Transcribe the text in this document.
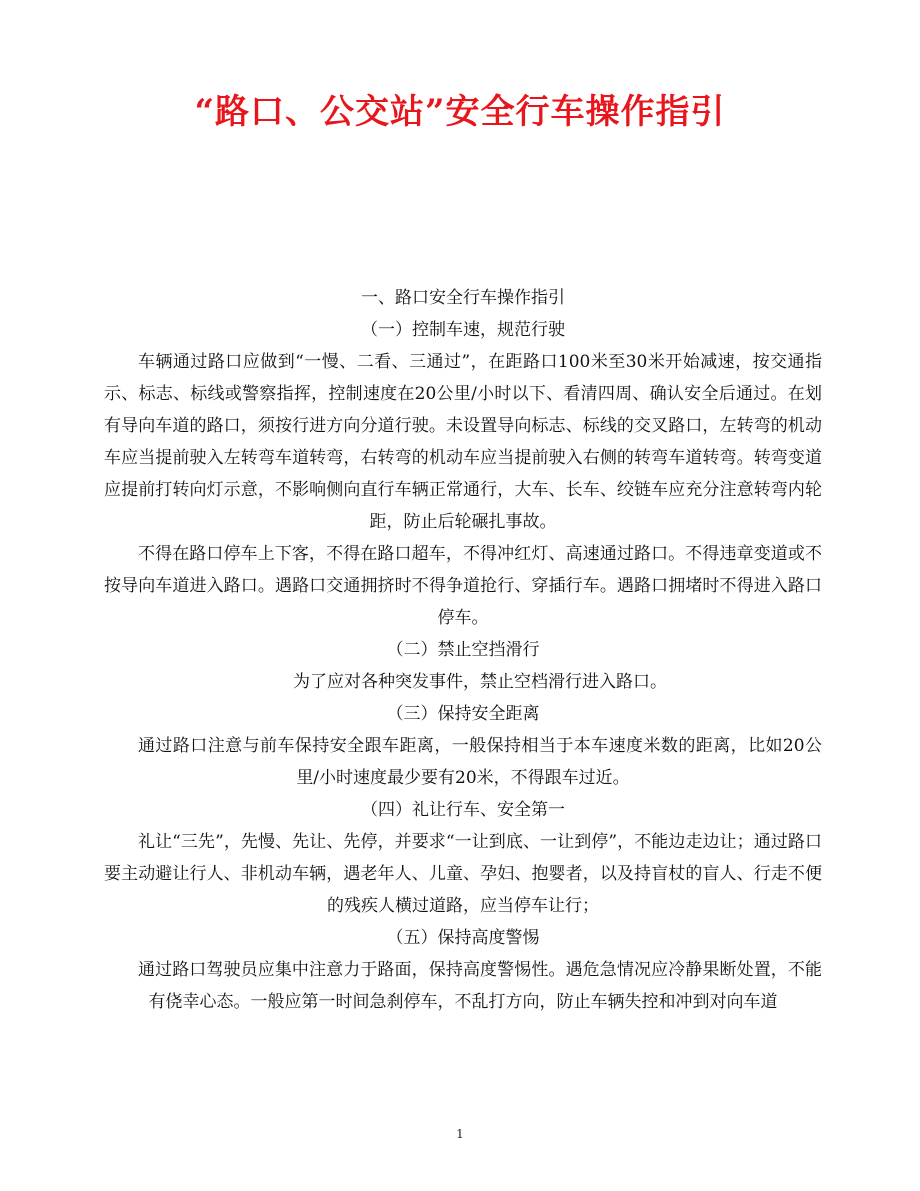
“路口、公交站”安全行车操作指引

一、路口安全行车操作指引

（一）控制车速，规范行驶

车辆通过路口应做到“一慢、二看、三通过”，在距路口100米至30米开始减速，按交通指示、标志、标线或警察指挥，控制速度在20公里/小时以下、看清四周、确认安全后通过。在划有导向车道的路口，须按行进方向分道行驶。未设置导向标志、标线的交叉路口，左转弯的机动车应当提前驶入左转弯车道转弯，右转弯的机动车应当提前驶入右侧的转弯车道转弯。转弯变道应提前打转向灯示意，不影响侧向直行车辆正常通行，大车、长车、绞链车应充分注意转弯内轮距，防止后轮碾扎事故。

不得在路口停车上下客，不得在路口超车，不得冲红灯、高速通过路口。不得违章变道或不按导向车道进入路口。遇路口交通拥挤时不得争道抢行、穿插行车。遇路口拥堵时不得进入路口停车。

（二）禁止空挡滑行

为了应对各种突发事件，禁止空档滑行进入路口。

（三）保持安全距离

通过路口注意与前车保持安全跟车距离，一般保持相当于本车速度米数的距离，比如20公里/小时速度最少要有20米，不得跟车过近。

（四）礼让行车、安全第一

礼让“三先”，先慢、先让、先停，并要求“一让到底、一让到停”，不能边走边让；通过路口要主动避让行人、非机动车辆，遇老年人、儿童、孕妇、抱婴者，以及持盲杖的盲人、行走不便的残疾人横过道路，应当停车让行；

（五）保持高度警惕

通过路口驾驶员应集中注意力于路面，保持高度警惕性。遇危急情况应冷静果断处置，不能有侥幸心态。一般应第一时间急刹停车，不乱打方向，防止车辆失控和冲到对向车道

1
